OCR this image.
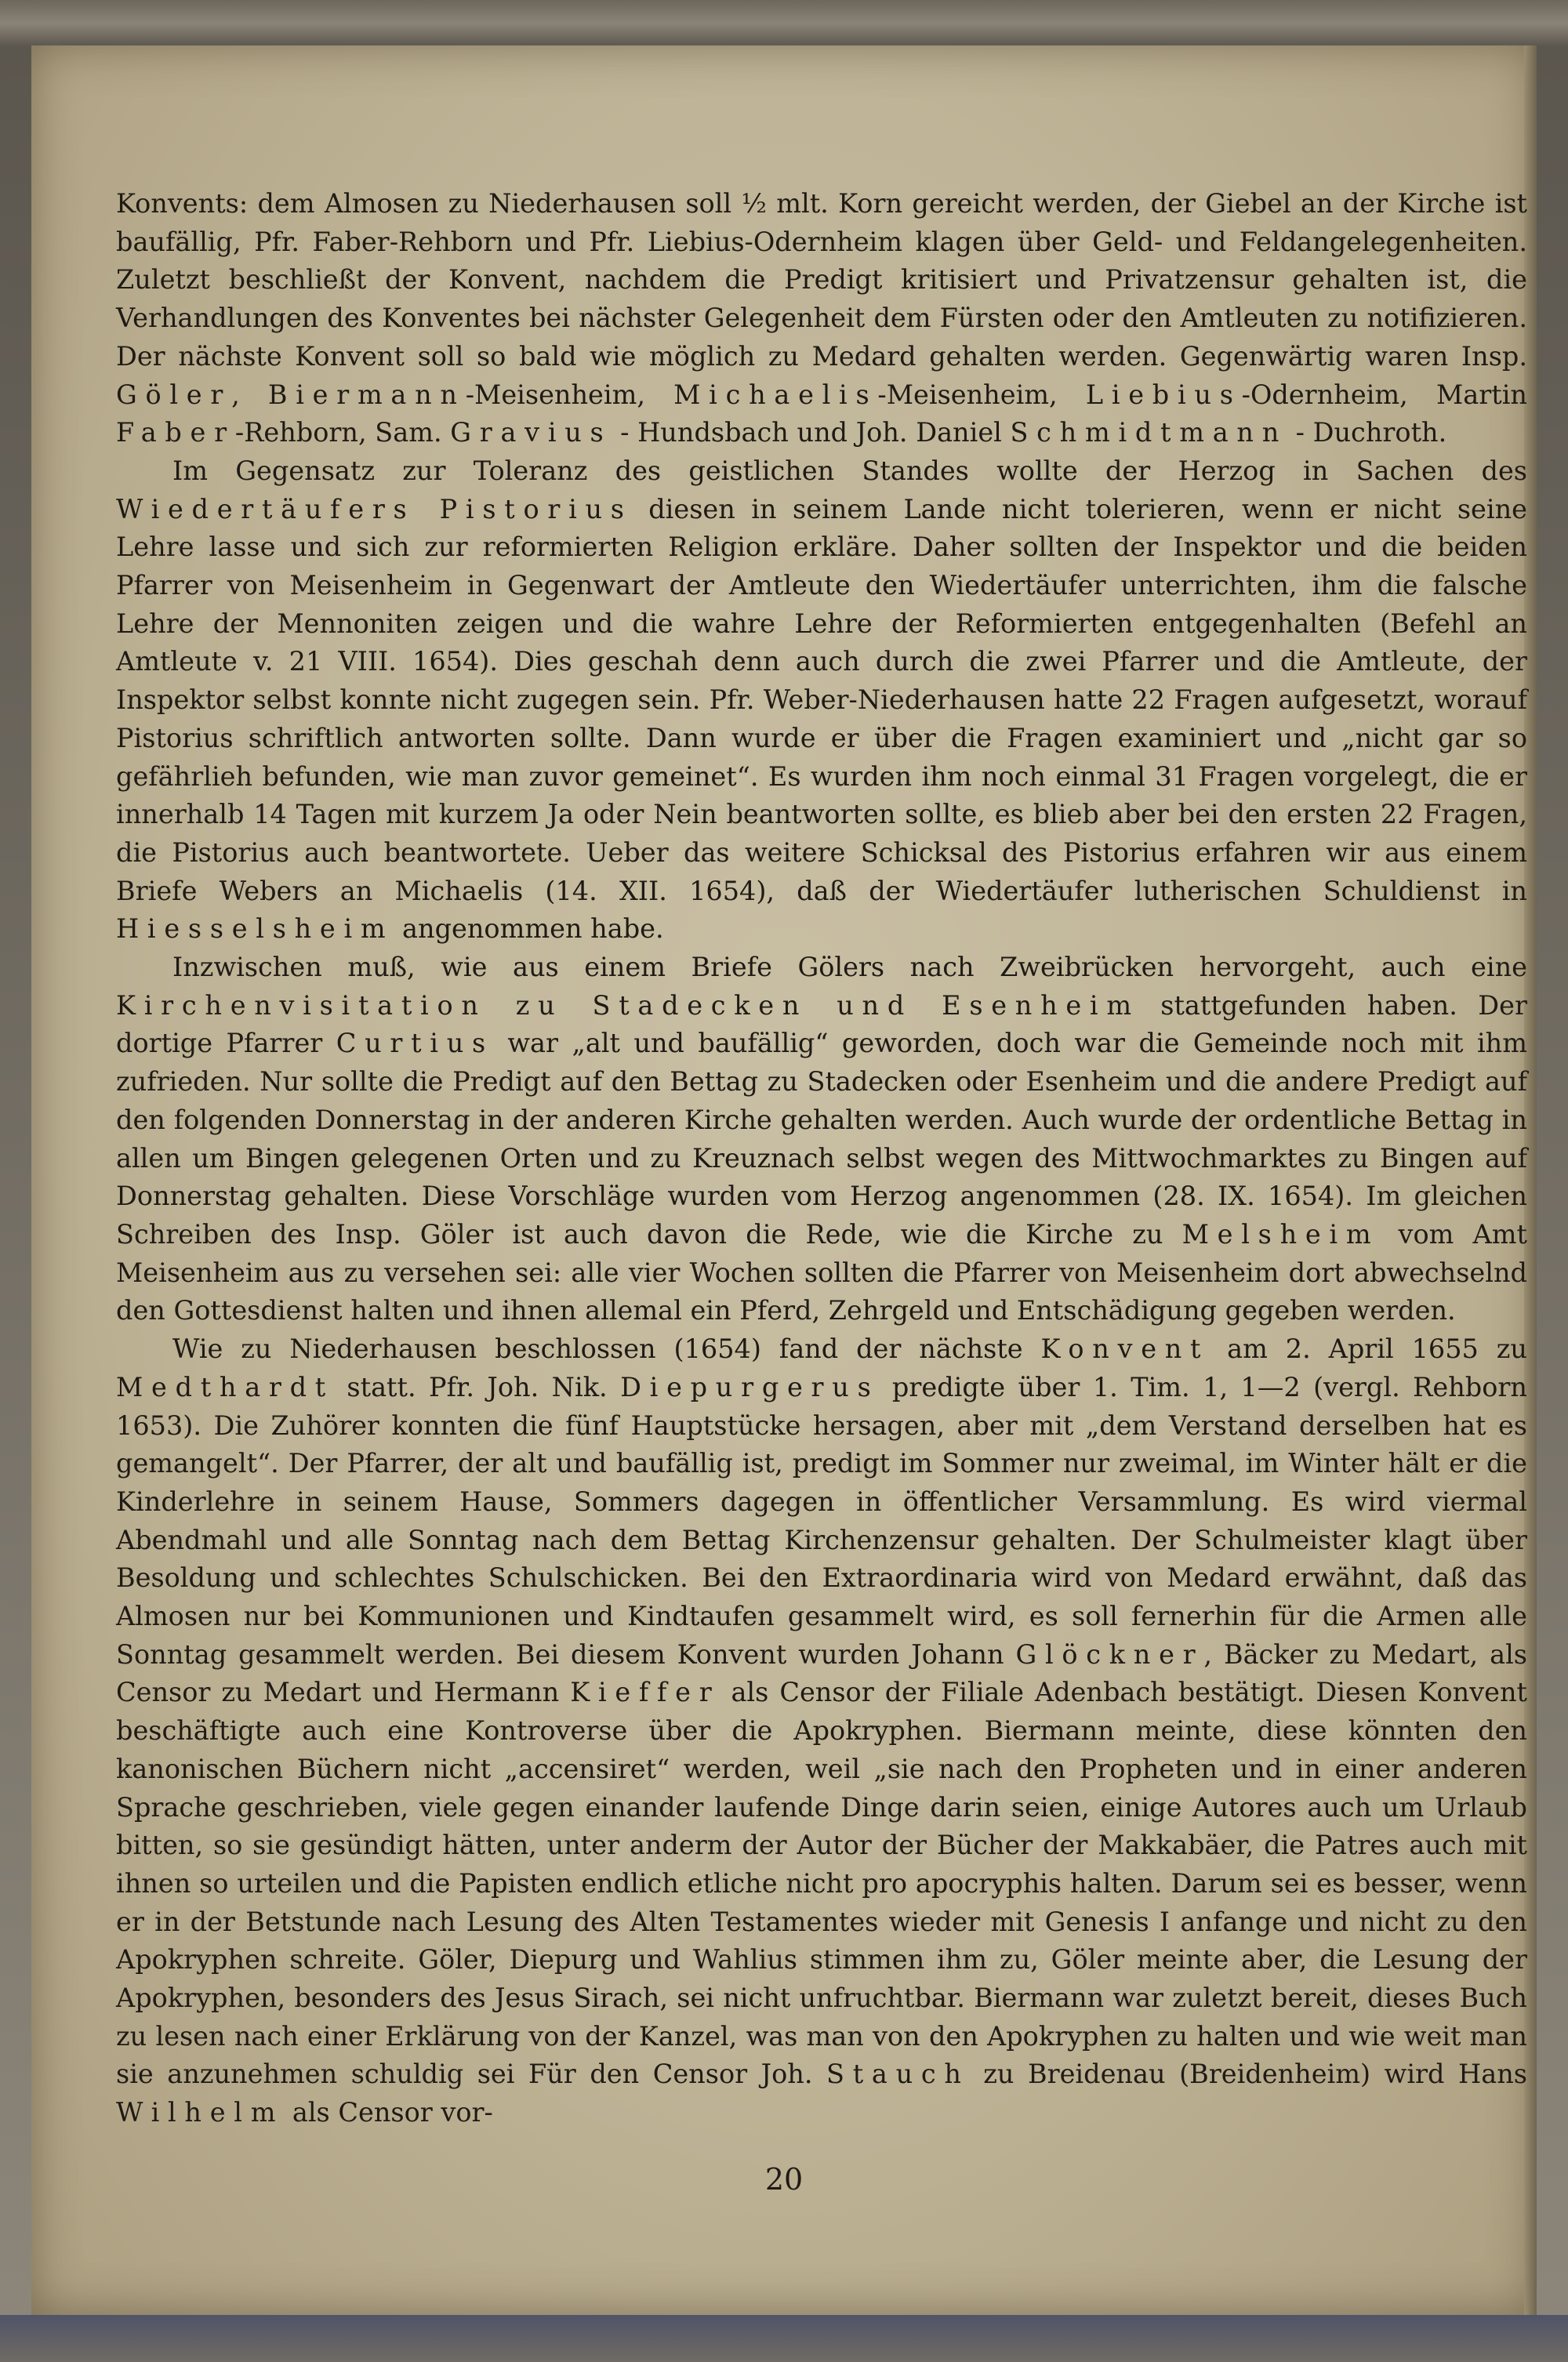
Konvents: dem Almosen zu Niederhausen soll ½ mlt. Korn gereicht werden, der Giebel an der Kirche ist baufällig, Pfr. Faber-Rehborn und Pfr. Liebius-Odernheim klagen über Geld- und Feldangelegenheiten. Zuletzt beschließt der Konvent, nachdem die Predigt kritisiert und Privatzensur gehalten ist, die Verhandlungen des Konventes bei nächster Gelegenheit dem Fürsten oder den Amtleuten zu notifizieren. Der nächste Konvent soll so bald wie möglich zu Medard gehalten werden. Gegenwärtig waren Insp. Göler, Biermann-Meisenheim, Michaelis-Meisenheim, Liebius-Odernheim, Martin Faber-Rehborn, Sam. Gravius - Hundsbach und Joh. Daniel Schmidtmann - Duchroth.

Im Gegensatz zur Toleranz des geistlichen Standes wollte der Herzog in Sachen des Wiedertäufers Pistorius diesen in seinem Lande nicht tolerieren, wenn er nicht seine Lehre lasse und sich zur reformierten Religion erkläre. Daher sollten der Inspektor und die beiden Pfarrer von Meisenheim in Gegenwart der Amtleute den Wiedertäufer unterrichten, ihm die falsche Lehre der Mennoniten zeigen und die wahre Lehre der Reformierten entgegenhalten (Befehl an Amtleute v. 21 VIII. 1654). Dies geschah denn auch durch die zwei Pfarrer und die Amtleute, der Inspektor selbst konnte nicht zugegen sein. Pfr. Weber-Niederhausen hatte 22 Fragen aufgesetzt, worauf Pistorius schriftlich antworten sollte. Dann wurde er über die Fragen examiniert und „nicht gar so gefährlieh befunden, wie man zuvor gemeinet“. Es wurden ihm noch einmal 31 Fragen vorgelegt, die er innerhalb 14 Tagen mit kurzem Ja oder Nein beantworten sollte, es blieb aber bei den ersten 22 Fragen, die Pistorius auch beantwortete. Ueber das weitere Schicksal des Pistorius erfahren wir aus einem Briefe Webers an Michaelis (14. XII. 1654), daß der Wiedertäufer lutherischen Schuldienst in Hiesselsheim angenommen habe.

Inzwischen muß, wie aus einem Briefe Gölers nach Zweibrücken hervorgeht, auch eine Kirchenvisitation zu Stadecken und Esenheim stattgefunden haben. Der dortige Pfarrer Curtius war „alt und baufällig“ geworden, doch war die Gemeinde noch mit ihm zufrieden. Nur sollte die Predigt auf den Bettag zu Stadecken oder Esenheim und die andere Predigt auf den folgenden Donnerstag in der anderen Kirche gehalten werden. Auch wurde der ordentliche Bettag in allen um Bingen gelegenen Orten und zu Kreuznach selbst wegen des Mittwochmarktes zu Bingen auf Donnerstag gehalten. Diese Vorschläge wurden vom Herzog angenommen (28. IX. 1654). Im gleichen Schreiben des Insp. Göler ist auch davon die Rede, wie die Kirche zu Melsheim vom Amt Meisenheim aus zu versehen sei: alle vier Wochen sollten die Pfarrer von Meisenheim dort abwechselnd den Gottesdienst halten und ihnen allemal ein Pferd, Zehrgeld und Entschädigung gegeben werden.

Wie zu Niederhausen beschlossen (1654) fand der nächste Konvent am 2. April 1655 zu Medthardt statt. Pfr. Joh. Nik. Diepurgerus predigte über 1. Tim. 1, 1—2 (vergl. Rehborn 1653). Die Zuhörer konnten die fünf Hauptstücke hersagen, aber mit „dem Verstand derselben hat es gemangelt“. Der Pfarrer, der alt und baufällig ist, predigt im Sommer nur zweimal, im Winter hält er die Kinderlehre in seinem Hause, Sommers dagegen in öffentlicher Versammlung. Es wird viermal Abendmahl und alle Sonntag nach dem Bettag Kirchenzensur gehalten. Der Schulmeister klagt über Besoldung und schlechtes Schulschicken. Bei den Extraordinaria wird von Medard erwähnt, daß das Almosen nur bei Kommunionen und Kindtaufen gesammelt wird, es soll fernerhin für die Armen alle Sonntag gesammelt werden. Bei diesem Konvent wurden Johann Glöckner, Bäcker zu Medart, als Censor zu Medart und Hermann Kieffer als Censor der Filiale Adenbach bestätigt. Diesen Konvent beschäftigte auch eine Kontroverse über die Apokryphen. Biermann meinte, diese könnten den kanonischen Büchern nicht „accensiret“ werden, weil „sie nach den Propheten und in einer anderen Sprache geschrieben, viele gegen einander laufende Dinge darin seien, einige Autores auch um Urlaub bitten, so sie gesündigt hätten, unter anderm der Autor der Bücher der Makkabäer, die Patres auch mit ihnen so urteilen und die Papisten endlich etliche nicht pro apocryphis halten. Darum sei es besser, wenn er in der Betstunde nach Lesung des Alten Testamentes wieder mit Genesis I anfange und nicht zu den Apokryphen schreite. Göler, Diepurg und Wahlius stimmen ihm zu, Göler meinte aber, die Lesung der Apokryphen, besonders des Jesus Sirach, sei nicht unfruchtbar. Biermann war zuletzt bereit, dieses Buch zu lesen nach einer Erklärung von der Kanzel, was man von den Apokryphen zu halten und wie weit man sie anzunehmen schuldig sei Für den Censor Joh. Stauch zu Breidenau (Breidenheim) wird Hans Wilhelm als Censor vor-

20
